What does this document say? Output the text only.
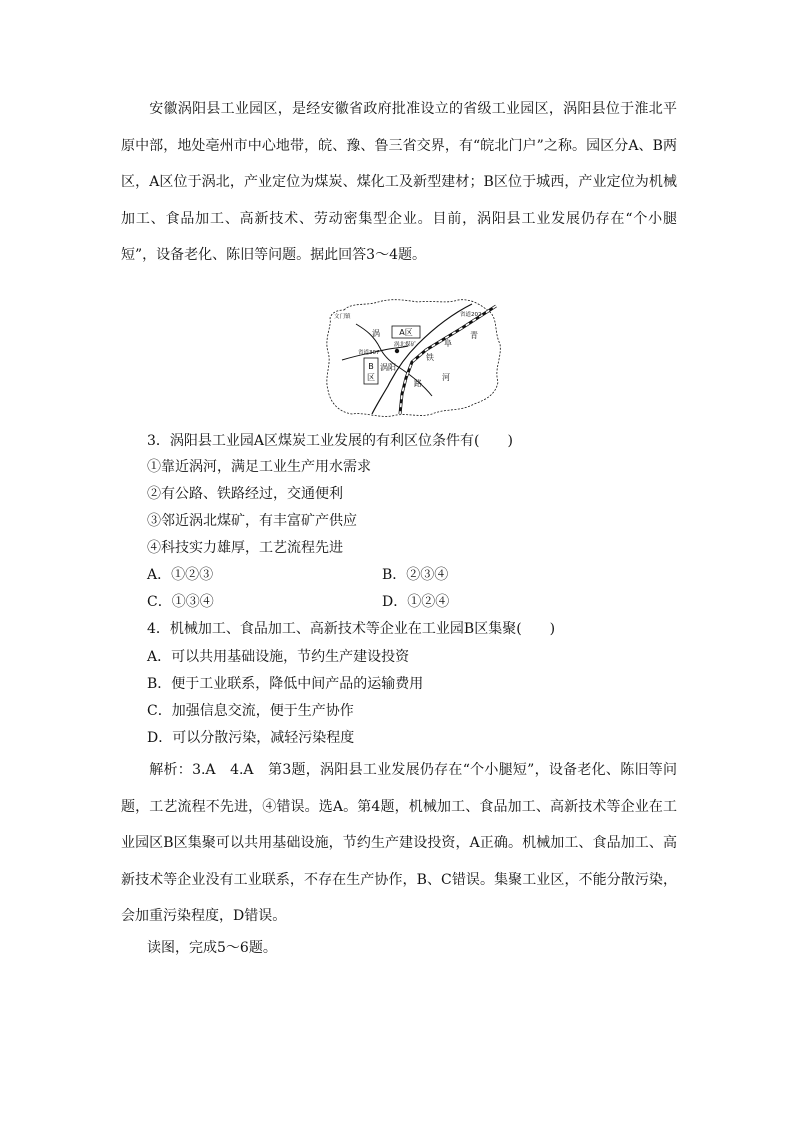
安徽涡阳县工业园区，是经安徽省政府批准设立的省级工业园区，涡阳县位于淮北平原中部，地处亳州市中心地带，皖、豫、鲁三省交界，有“皖北门户”之称。园区分A、B两区，A区位于涡北，产业定位为煤炭、煤化工及新型建材；B区位于城西，产业定位为机械加工、食品加工、高新技术、劳动密集型企业。目前，涡阳县工业发展仍存在“个小腿短”，设备老化、陈旧等问题。据此回答3～4题。

A区
B
区
文门镇	省道202
省道307
涡北煤矿
涡
涡阳
阜
青
铁
河
路
3．涡阳县工业园A区煤炭工业发展的有利区位条件有(　　)
①靠近涡河，满足工业生产用水需求
②有公路、铁路经过，交通便利
③邻近涡北煤矿，有丰富矿产供应
④科技实力雄厚，工艺流程先进
A．①②③	B．②③④
C．①③④	D．①②④
4．机械加工、食品加工、高新技术等企业在工业园B区集聚(　　)
A．可以共用基础设施，节约生产建设投资
B．便于工业联系，降低中间产品的运输费用
C．加强信息交流，便于生产协作
D．可以分散污染，减轻污染程度

解析：3.A　4.A　第3题，涡阳县工业发展仍存在“个小腿短”，设备老化、陈旧等问题，工艺流程不先进，④错误。选A。第4题，机械加工、食品加工、高新技术等企业在工业园区B区集聚可以共用基础设施，节约生产建设投资，A正确。机械加工、食品加工、高新技术等企业没有工业联系，不存在生产协作，B、C错误。集聚工业区，不能分散污染，会加重污染程度，D错误。

读图，完成5～6题。
